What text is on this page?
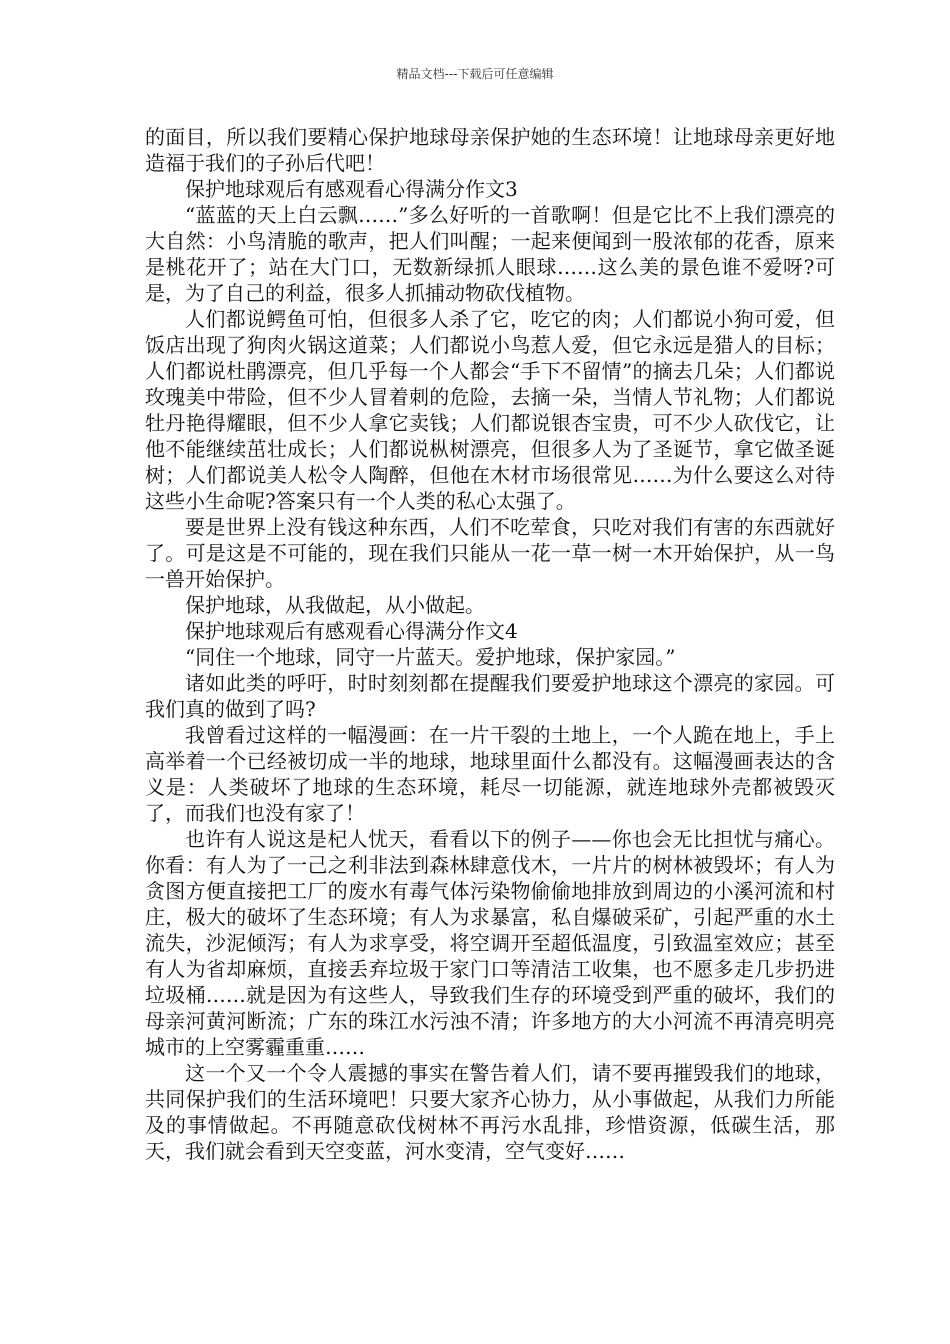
精品文档---下载后可任意编辑

的面目，所以我们要精心保护地球母亲保护她的生态环境！让地球母亲更好地造福于我们的子孙后代吧！

保护地球观后有感观看心得满分作文3

“蓝蓝的天上白云飘……”多么好听的一首歌啊！但是它比不上我们漂亮的大自然：小鸟清脆的歌声，把人们叫醒；一起来便闻到一股浓郁的花香，原来是桃花开了；站在大门口，无数新绿抓人眼球……这么美的景色谁不爱呀?可是，为了自己的利益，很多人抓捕动物砍伐植物。

人们都说鳄鱼可怕，但很多人杀了它，吃它的肉；人们都说小狗可爱，但饭店出现了狗肉火锅这道菜；人们都说小鸟惹人爱，但它永远是猎人的目标；人们都说杜鹃漂亮，但几乎每一个人都会“手下不留情”的摘去几朵；人们都说玫瑰美中带险，但不少人冒着刺的危险，去摘一朵，当情人节礼物；人们都说牡丹艳得耀眼，但不少人拿它卖钱；人们都说银杏宝贵，可不少人砍伐它，让他不能继续茁壮成长；人们都说枞树漂亮，但很多人为了圣诞节，拿它做圣诞树；人们都说美人松令人陶醉，但他在木材市场很常见……为什么要这么对待这些小生命呢?答案只有一个人类的私心太强了。

要是世界上没有钱这种东西，人们不吃荤食，只吃对我们有害的东西就好了。可是这是不可能的，现在我们只能从一花一草一树一木开始保护，从一鸟一兽开始保护。

保护地球，从我做起，从小做起。

保护地球观后有感观看心得满分作文4

“同住一个地球，同守一片蓝天。爱护地球，保护家园。”

诸如此类的呼吁，时时刻刻都在提醒我们要爱护地球这个漂亮的家园。可我们真的做到了吗?

我曾看过这样的一幅漫画：在一片干裂的土地上，一个人跪在地上，手上高举着一个已经被切成一半的地球，地球里面什么都没有。这幅漫画表达的含义是：人类破坏了地球的生态环境，耗尽一切能源，就连地球外壳都被毁灭了，而我们也没有家了！

也许有人说这是杞人忧天，看看以下的例子——你也会无比担忧与痛心。你看：有人为了一己之利非法到森林肆意伐木，一片片的树林被毁坏；有人为贪图方便直接把工厂的废水有毒气体污染物偷偷地排放到周边的小溪河流和村庄，极大的破坏了生态环境；有人为求暴富，私自爆破采矿，引起严重的水土流失，沙泥倾泻；有人为求享受，将空调开至超低温度，引致温室效应；甚至有人为省却麻烦，直接丢弃垃圾于家门口等清洁工收集，也不愿多走几步扔进垃圾桶……就是因为有这些人，导致我们生存的环境受到严重的破坏，我们的母亲河黄河断流；广东的珠江水污浊不清；许多地方的大小河流不再清亮明亮城市的上空雾霾重重……

这一个又一个令人震撼的事实在警告着人们，请不要再摧毁我们的地球，共同保护我们的生活环境吧！只要大家齐心协力，从小事做起，从我们力所能及的事情做起。不再随意砍伐树林不再污水乱排，珍惜资源，低碳生活，那天，我们就会看到天空变蓝，河水变清，空气变好……
